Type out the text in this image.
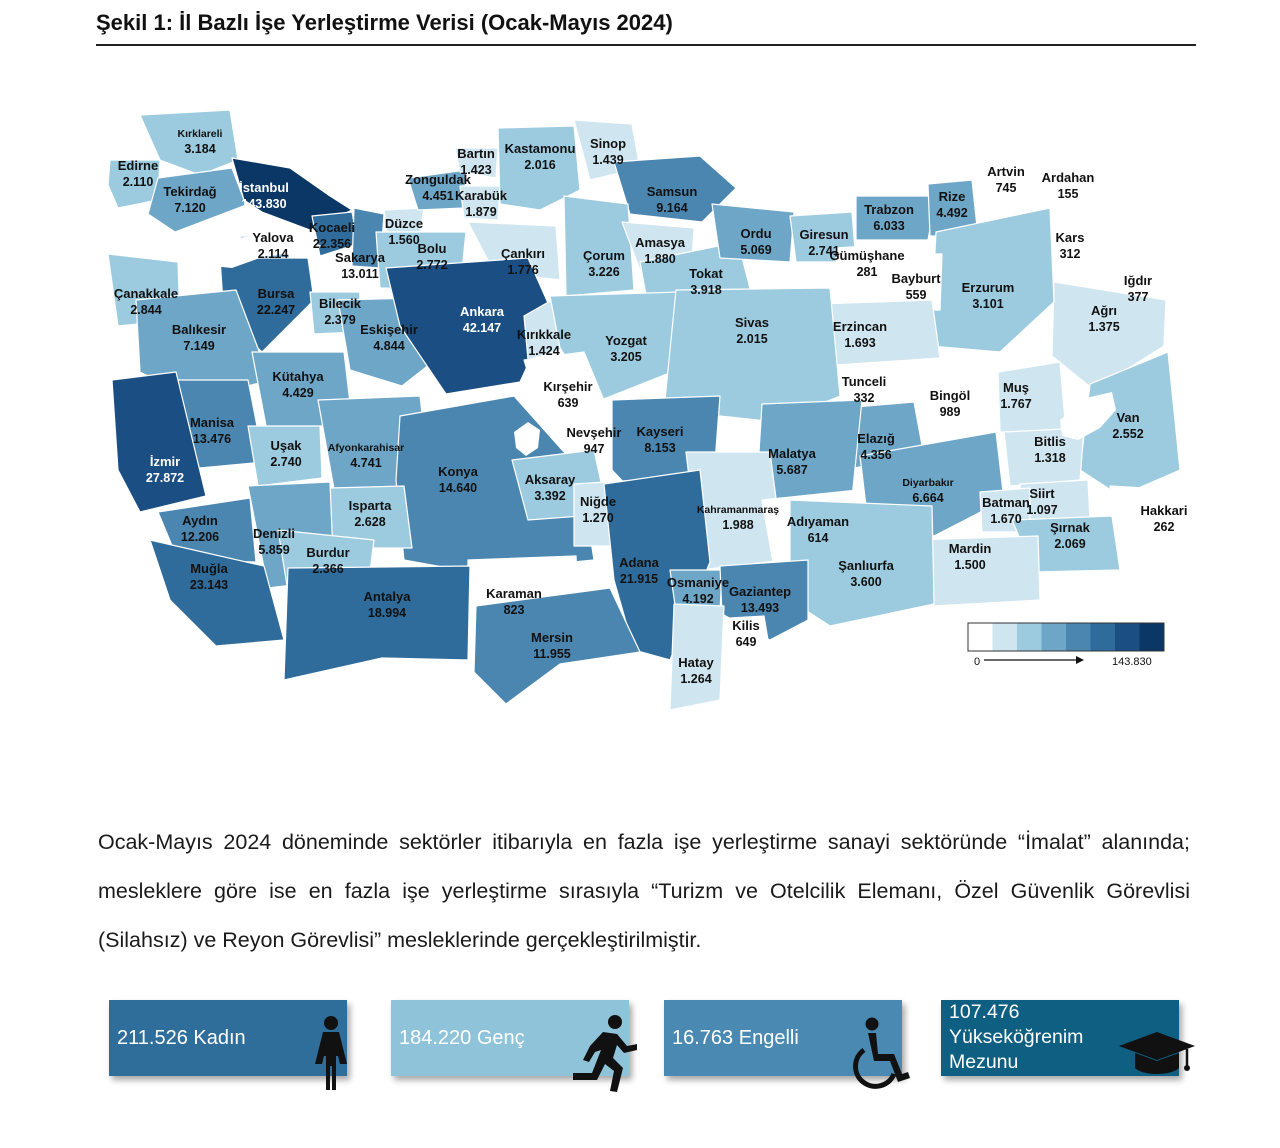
Şekil 1: İl Bazlı İşe Yerleştirme Verisi (Ocak-Mayıs 2024)
Kırklareli
3.184
Edirne
2.110
Tekirdağ
7.120
İstanbul
143.830
Kocaeli
22.356
Yalova
2.114	Sakarya
13.011
Düzce
1.560
Zonguldak
4.451
Bartın
1.423
Karabük
1.879
Kastamonu
2.016
Sinop
1.439
Samsun
9.164
Bolu
2.772
Çankırı
1.776
Çorum
3.226
Amasya
1.880
Tokat
3.918
Ordu
5.069
Giresun
2.741
Trabzon
6.033
Rize
4.492
Artvin
745
Ardahan
155
Kars
312
Iğdır
377
Ağrı
1.375
Erzurum
3.101
Gümüşhane
281 Bayburt
559
Erzincan
1.693
Çanakkale
2.844
Bursa
22.247 Bilecik
2.379
Balıkesir
7.149
Eskişehir
4.844
Ankara
42.147 Kırıkkale
1.424
Yozgat
3.205
Sivas
2.015
Kütahya
4.429	Kırşehir
639
Tunceli
332	Bingöl
989
Muş
1.767
Van
2.552
Manisa
13.476	Uşak
2.740
Afyonkarahisar
4.741
Nevşehir
947
Kayseri
8.153
Elazığ
4.356
Bitlis
1.318
İzmir
27.872	Konya
14.640
Malatya
5.687
Aksaray
3.392
Diyarbakır
6.664	Siirt
1.097
Aydın
12.206
Isparta
2.628
Niğde
1.270
Batman
1.670
Hakkari
262
Kahramanmaraş
1.988
Denizli
5.859
Adıyaman
614
Şırnak
2.069
Muğla
23.143
Burdur
2.366	Adana
21.915
Mardin
1.500
Şanlıurfa
3.600
Osmaniye
4.192
Karaman
823
Gaziantep
13.493
Antalya
18.994
Kilis
649
Mersin
11.955
Hatay
1.264
0	143.830
Ocak-Mayıs 2024 döneminde sektörler itibarıyla en fazla işe yerleştirme sanayi sektöründe “İmalat” alanında; mesleklere göre ise en fazla işe yerleştirme sırasıyla “Turizm ve Otelcilik Elemanı, Özel Güvenlik Görevlisi (Silahsız) ve Reyon Görevlisi” mesleklerinde gerçekleştirilmiştir.
211.526 Kadın	184.220 Genç	16.763 Engelli
107.476
Yükseköğrenim
Mezunu
